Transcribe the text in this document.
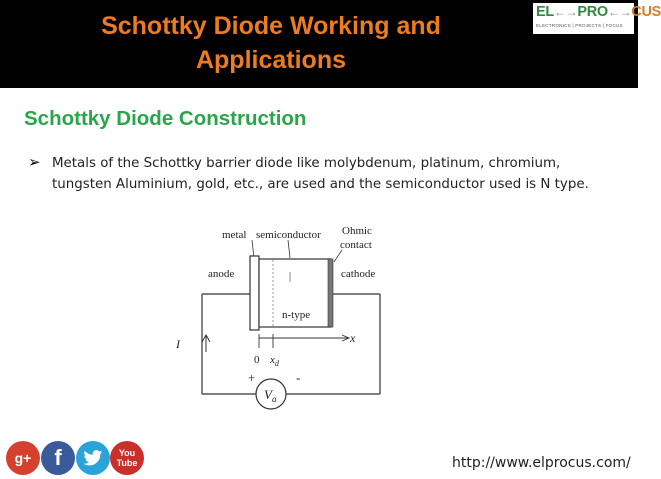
Schottky Diode Working and
Applications
EL←→PRO←→CUS
ELECTRONICS | PROJECTS | FOCUS
Schottky Diode Construction
➢ Metals of the Schottky barrier diode like molybdenum, platinum, chromium, tungsten Aluminium, gold, etc., are used and the semiconductor used is N type.
metal semiconductor Ohmic
contact
anode	cathode
n-type
I	x
0 $x_d$
$V_a$
+	-
g+	f	You
Tube	http://www.elprocus.com/
